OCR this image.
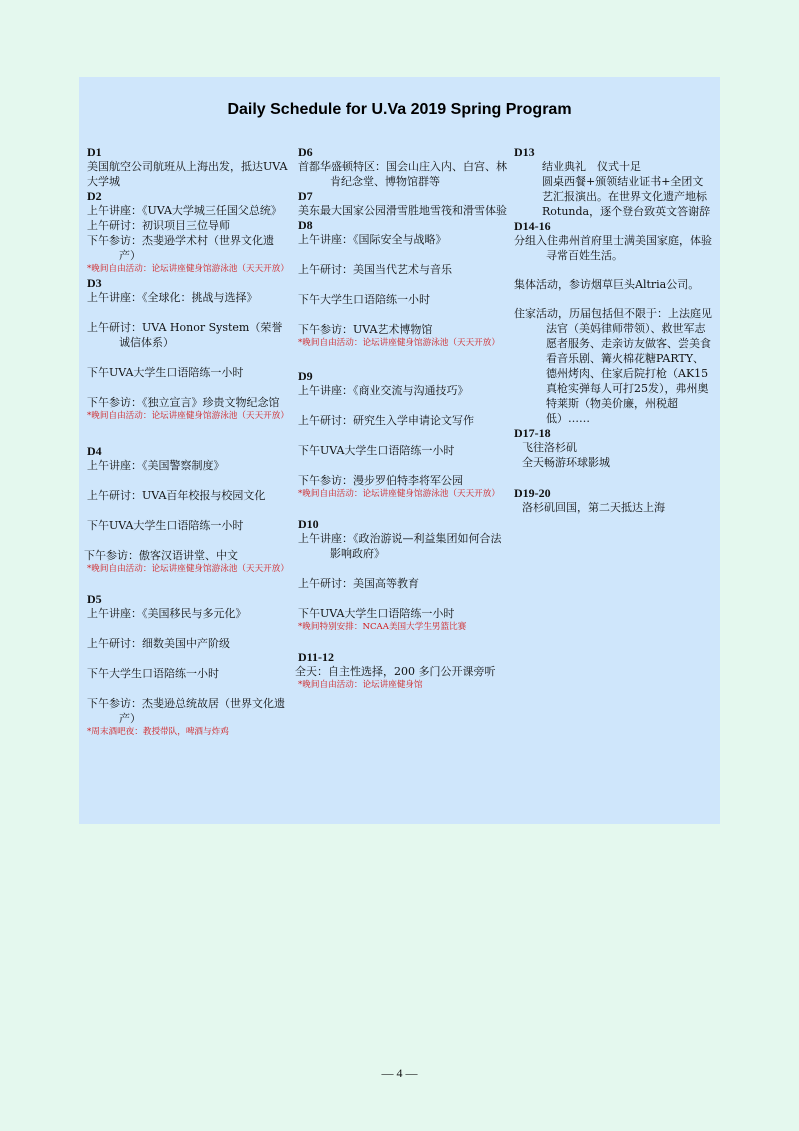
Daily Schedule for U.Va 2019 Spring Program

D1

美国航空公司航班从上海出发，抵达UVA大学城

D2

上午讲座：《UVA大学城三任国父总统》

上午研讨：初识项目三位导师

下午参访：杰斐逊学术村（世界文化遗产）

*晚间自由活动：论坛讲座健身馆游泳池（天天开放）

D3

上午讲座：《全球化：挑战与选择》

上午研讨：UVA Honor System（荣誉诚信体系）

下午UVA大学生口语陪练一小时

下午参访：《独立宣言》珍贵文物纪念馆

*晚间自由活动：论坛讲座健身馆游泳池（天天开放）

D4

上午讲座：《美国警察制度》

上午研讨：UVA百年校报与校园文化

下午UVA大学生口语陪练一小时

下午参访：傲客汉语讲堂、中文

*晚间自由活动：论坛讲座健身馆游泳池（天天开放）

D5

上午讲座：《美国移民与多元化》

上午研讨：细数美国中产阶级

下午大学生口语陪练一小时

下午参访：杰斐逊总统故居（世界文化遗产）

*周末酒吧夜：教授带队，啤酒与炸鸡

D6

首都华盛顿特区：国会山庄入内、白宫、林肯纪念堂、博物馆群等

D7

美东最大国家公园滑雪胜地雪筏和滑雪体验

D8

上午讲座：《国际安全与战略》

上午研讨：美国当代艺术与音乐

下午大学生口语陪练一小时

下午参访：UVA艺术博物馆

*晚间自由活动：论坛讲座健身馆游泳池（天天开放）

D9

上午讲座：《商业交流与沟通技巧》

上午研讨：研究生入学申请论文写作

下午UVA大学生口语陪练一小时

下午参访：漫步罗伯特李将军公园

*晚间自由活动：论坛讲座健身馆游泳池（天天开放）

D10

上午讲座：《政治游说—利益集团如何合法影响政府》

上午研讨：美国高等教育

下午UVA大学生口语陪练一小时

*晚间特别安排：NCAA美国大学生男篮比赛

D11-12

全天：自主性选择，200 多门公开课旁听

*晚间自由活动：论坛讲座健身馆

D13

结业典礼　仪式十足

圆桌西餐+颁领结业证书+全团文艺汇报演出。在世界文化遗产地标Rotunda，逐个登台致英文答谢辞

D14-16

分组入住弗州首府里士满美国家庭，体验寻常百姓生活。

集体活动，参访烟草巨头Altria公司。

住家活动，历届包括但不限于：上法庭见法官（美妈律师带领）、救世军志愿者服务、走亲访友做客、尝美食看音乐剧、篝火棉花糖PARTY、德州烤肉、住家后院打枪（AK15真枪实弹每人可打25发），弗州奥特莱斯（物美价廉，州税超低）……

D17-18

飞往洛杉矶

全天畅游环球影城

D19-20

洛杉矶回国，第二天抵达上海

— 4 —
